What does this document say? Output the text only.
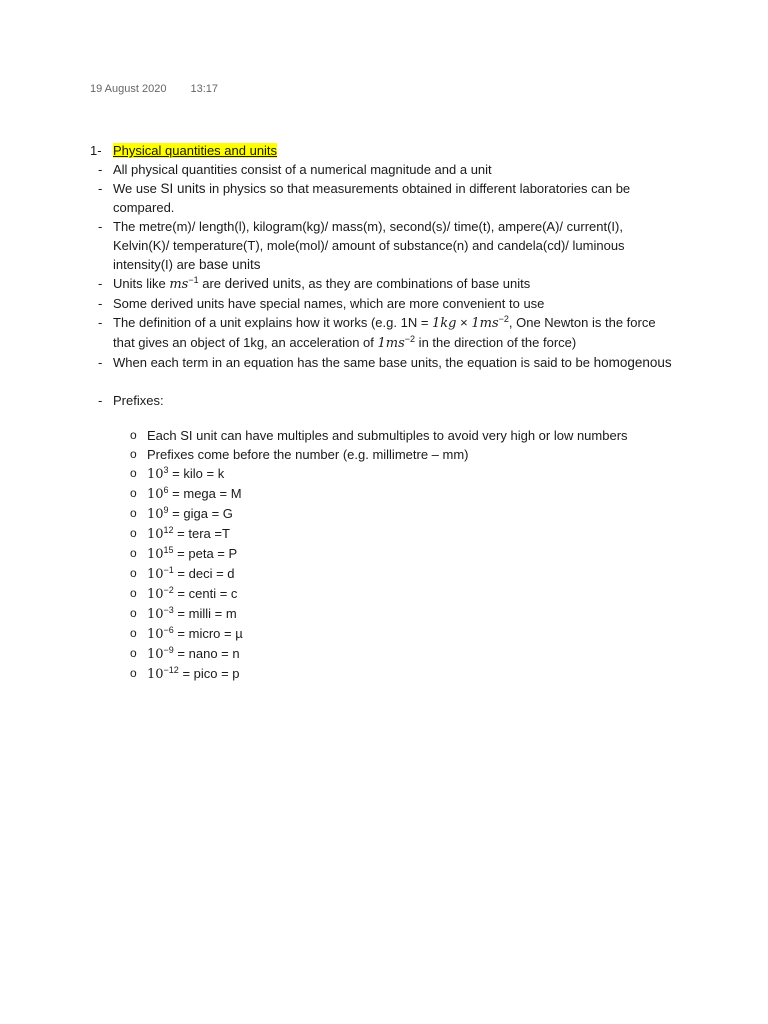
19 August 2020 13:17
1- Physical quantities and units
- All physical quantities consist of a numerical magnitude and a unit
- We use SI units in physics so that measurements obtained in different laboratories can be compared.
- The metre(m)/ length(l), kilogram(kg)/ mass(m), second(s)/ time(t), ampere(A)/ current(I), Kelvin(K)/ temperature(T), mole(mol)/ amount of substance(n) and candela(cd)/ luminous intensity(I) are base units
- Units like $ms^{-1}$ are derived units, as they are combinations of base units
- Some derived units have special names, which are more convenient to use
- The definition of a unit explains how it works (e.g. $1N = 1kg \times 1ms^{-2}$, One Newton is the force that gives an object of 1kg, an acceleration of $1ms^{-2}$ in the direction of the force)
- When each term in an equation has the same base units, the equation is said to be homogenous
- Prefixes:
o Each SI unit can have multiples and submultiples to avoid very high or low numbers
o Prefixes come before the number (e.g. millimetre – mm)
o $10^3$ = kilo = k
o $10^6$ = mega = M
o $10^9$ = giga = G
o $10^{12}$ = tera =T
o $10^{15}$ = peta = P
o $10^{-1}$ = deci = d
o $10^{-2}$ = centi = c
o $10^{-3}$ = milli = m
o $10^{-6}$ = micro = µ
o $10^{-9}$ = nano = n
o $10^{-12}$ = pico = p
